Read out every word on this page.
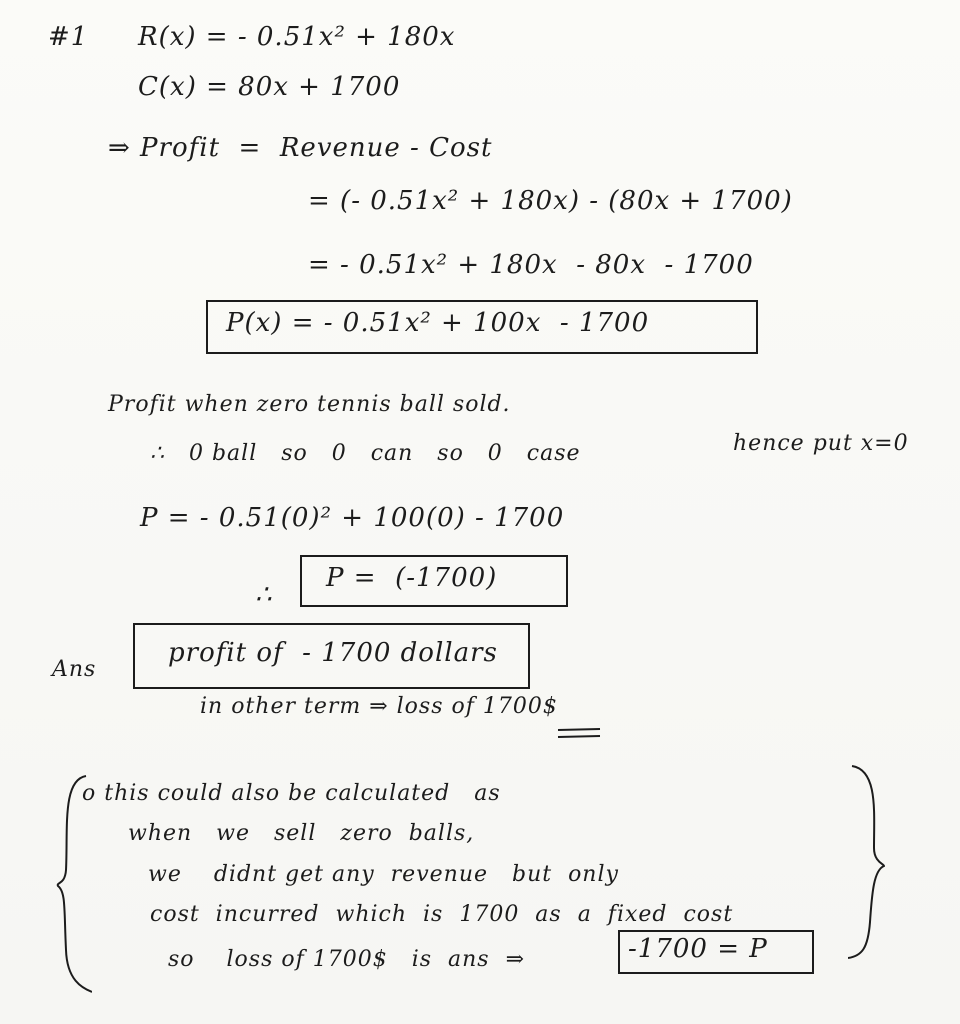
#1 R(x) = - 0.51x² + 180x
C(x) = 80x + 1700
⇒ Profit  =  Revenue - Cost
= (- 0.51x² + 180x) - (80x + 1700)
= - 0.51x² + 180x  - 80x  - 1700
P(x) = - 0.51x² + 100x  - 1700
Profit when zero tennis ball sold.
∴   0 ball   so   0   can   so   0   case	hence put x=0
P = - 0.51(0)² + 100(0) - 1700
∴
P =  (-1700)
Ans
profit of  - 1700 dollars
in other term ⇒ loss of 1700$
o this could also be calculated   as
when   we   sell   zero  balls,
we    didnt get any  revenue   but  only
cost  incurred  which  is  1700  as  a  fixed  cost
so    loss of 1700$   is  ans  ⇒	-1700 = P
